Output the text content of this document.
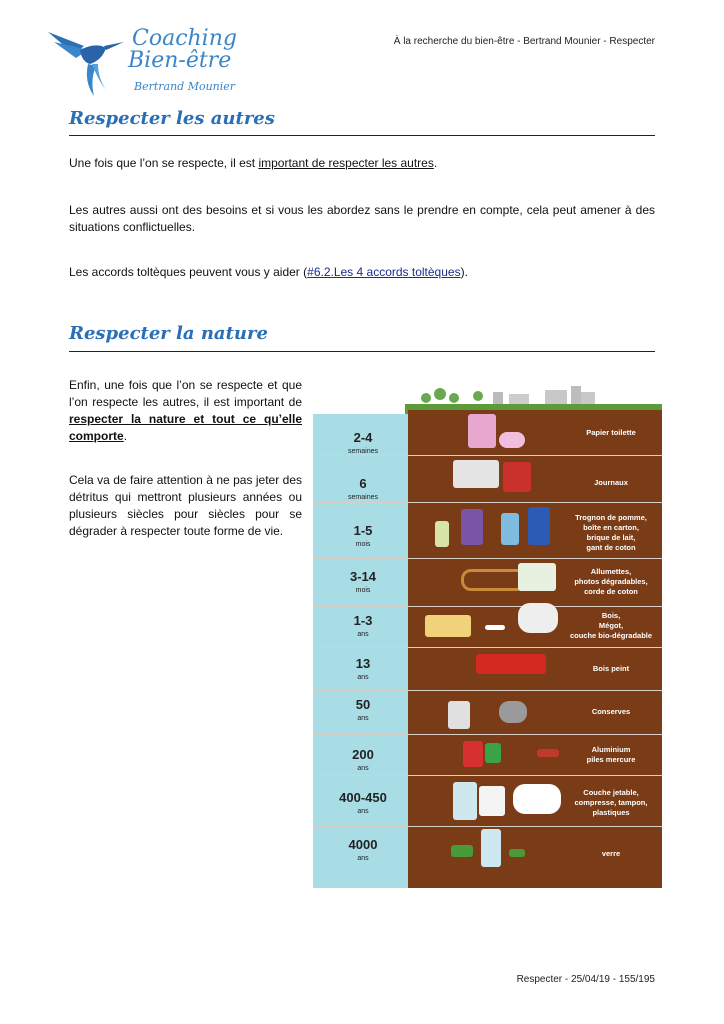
Coaching
Bien-être
Bertrand Mounier
À la recherche du bien-être - Bertrand Mounier - Respecter
Respecter les autres
Une fois que l’on se respecte, il est important de respecter les autres.
Les autres aussi ont des besoins et si vous les abordez sans le prendre en compte, cela peut amener à des situations conflictuelles.
Les accords toltèques peuvent vous y aider (#6.2.Les 4 accords toltèques).
Respecter la nature
Enfin, une fois que l’on se respecte et que l’on respecte les autres, il est important de respecter la nature et tout ce qu’elle comporte.
Cela va de faire attention à ne pas jeter des détritus qui mettront plusieurs années ou plusieurs siècles pour siècles pour se dégrader à respecter toute forme de vie.
2-4
semaines
Papier toilette
6
semaines
Journaux
1-5
mois
Trognon de pomme,
boîte en carton,
brique de lait,
gant de coton
3-14
mois
Allumettes,
photos dégradables,
corde de coton
1-3
ans
Bois,
Mégot,
couche bio-dégradable
13
ans
Bois peint
50
ans
Conserves
200
ans
Aluminium
piles mercure
400-450
ans
Couche jetable,
compresse, tampon,
plastiques
4000
ans
verre
Respecter - 25/04/19 - 155/195
